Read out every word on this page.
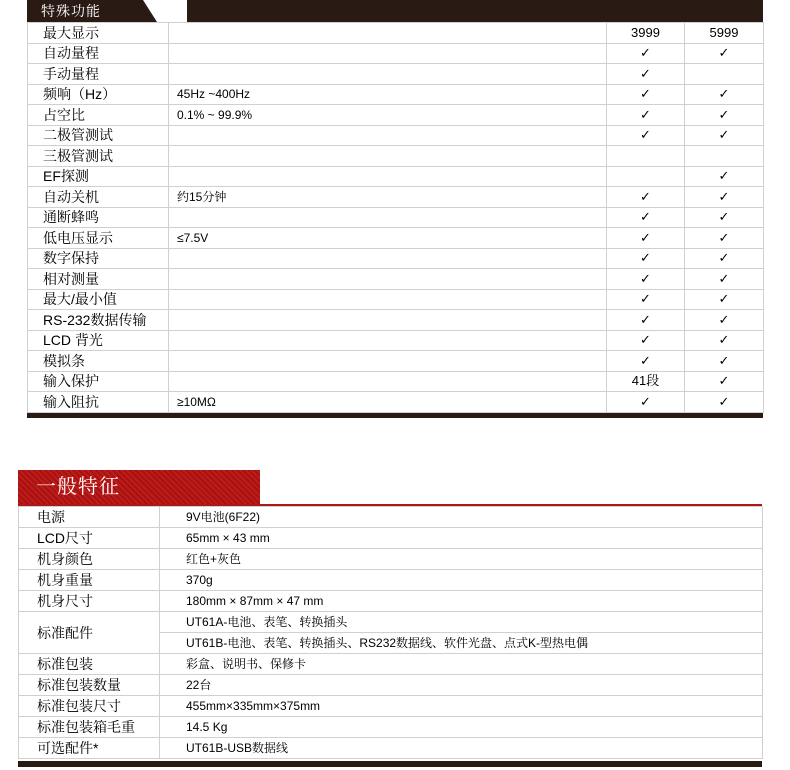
特殊功能
最大显示		3999	5999
自动量程		✓	✓
手动量程		✓	
频响（Hz）	45Hz ~400Hz	✓	✓
占空比	0.1% ~ 99.9%	✓	✓
二极管测试		✓	✓
三极管测试			
EF探测			✓
自动关机	约15分钟	✓	✓
通断蜂鸣		✓	✓
低电压显示	≤7.5V	✓	✓
数字保持		✓	✓
相对测量		✓	✓
最大/最小值		✓	✓
RS-232数据传输		✓	✓
LCD 背光		✓	✓
模拟条		✓	✓
输入保护		41段	✓
输入阻抗	≥10MΩ	✓	✓
一般特征
电源	9V电池(6F22)
LCD尺寸	65mm × 43 mm
机身颜色	红色+灰色
机身重量	370g
机身尺寸	180mm × 87mm × 47 mm
标准配件	UT61A-电池、表笔、转换插头
	UT61B-电池、表笔、转换插头、RS232数据线、软件光盘、点式K-型热电偶
标准包装	彩盒、说明书、保修卡
标准包装数量	22台
标准包装尺寸	455mm×335mm×375mm
标准包装箱毛重	14.5 Kg
可选配件*	UT61B-USB数据线
